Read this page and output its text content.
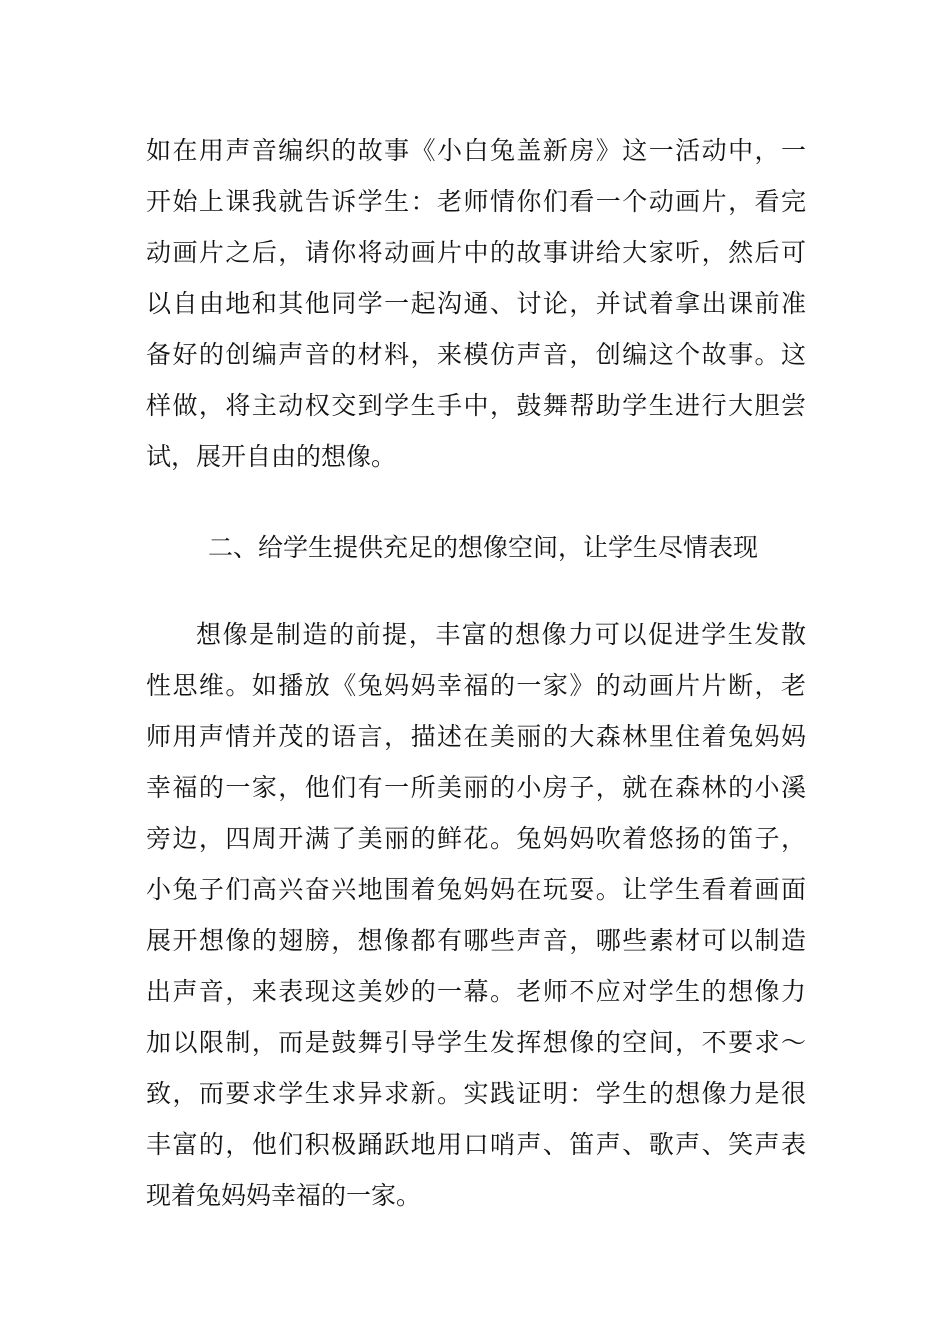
如在用声音编织的故事《小白兔盖新房》这一活动中，一
开始上课我就告诉学生：老师情你们看一个动画片，看完
动画片之后，请你将动画片中的故事讲给大家听，然后可
以自由地和其他同学一起沟通、讨论，并试着拿出课前准
备好的创编声音的材料，来模仿声音，创编这个故事。这
样做，将主动权交到学生手中，鼓舞帮助学生进行大胆尝
试，展开自由的想像。
二、给学生提供充足的想像空间，让学生尽情表现
想像是制造的前提，丰富的想像力可以促进学生发散
性思维。如播放《兔妈妈幸福的一家》的动画片片断，老
师用声情并茂的语言，描述在美丽的大森林里住着兔妈妈
幸福的一家，他们有一所美丽的小房子，就在森林的小溪
旁边，四周开满了美丽的鲜花。兔妈妈吹着悠扬的笛子，
小兔子们高兴奋兴地围着兔妈妈在玩耍。让学生看着画面
展开想像的翅膀，想像都有哪些声音，哪些素材可以制造
出声音，来表现这美妙的一幕。老师不应对学生的想像力
加以限制，而是鼓舞引导学生发挥想像的空间，不要求～
致，而要求学生求异求新。实践证明：学生的想像力是很
丰富的，他们积极踊跃地用口哨声、笛声、歌声、笑声表
现着兔妈妈幸福的一家。
